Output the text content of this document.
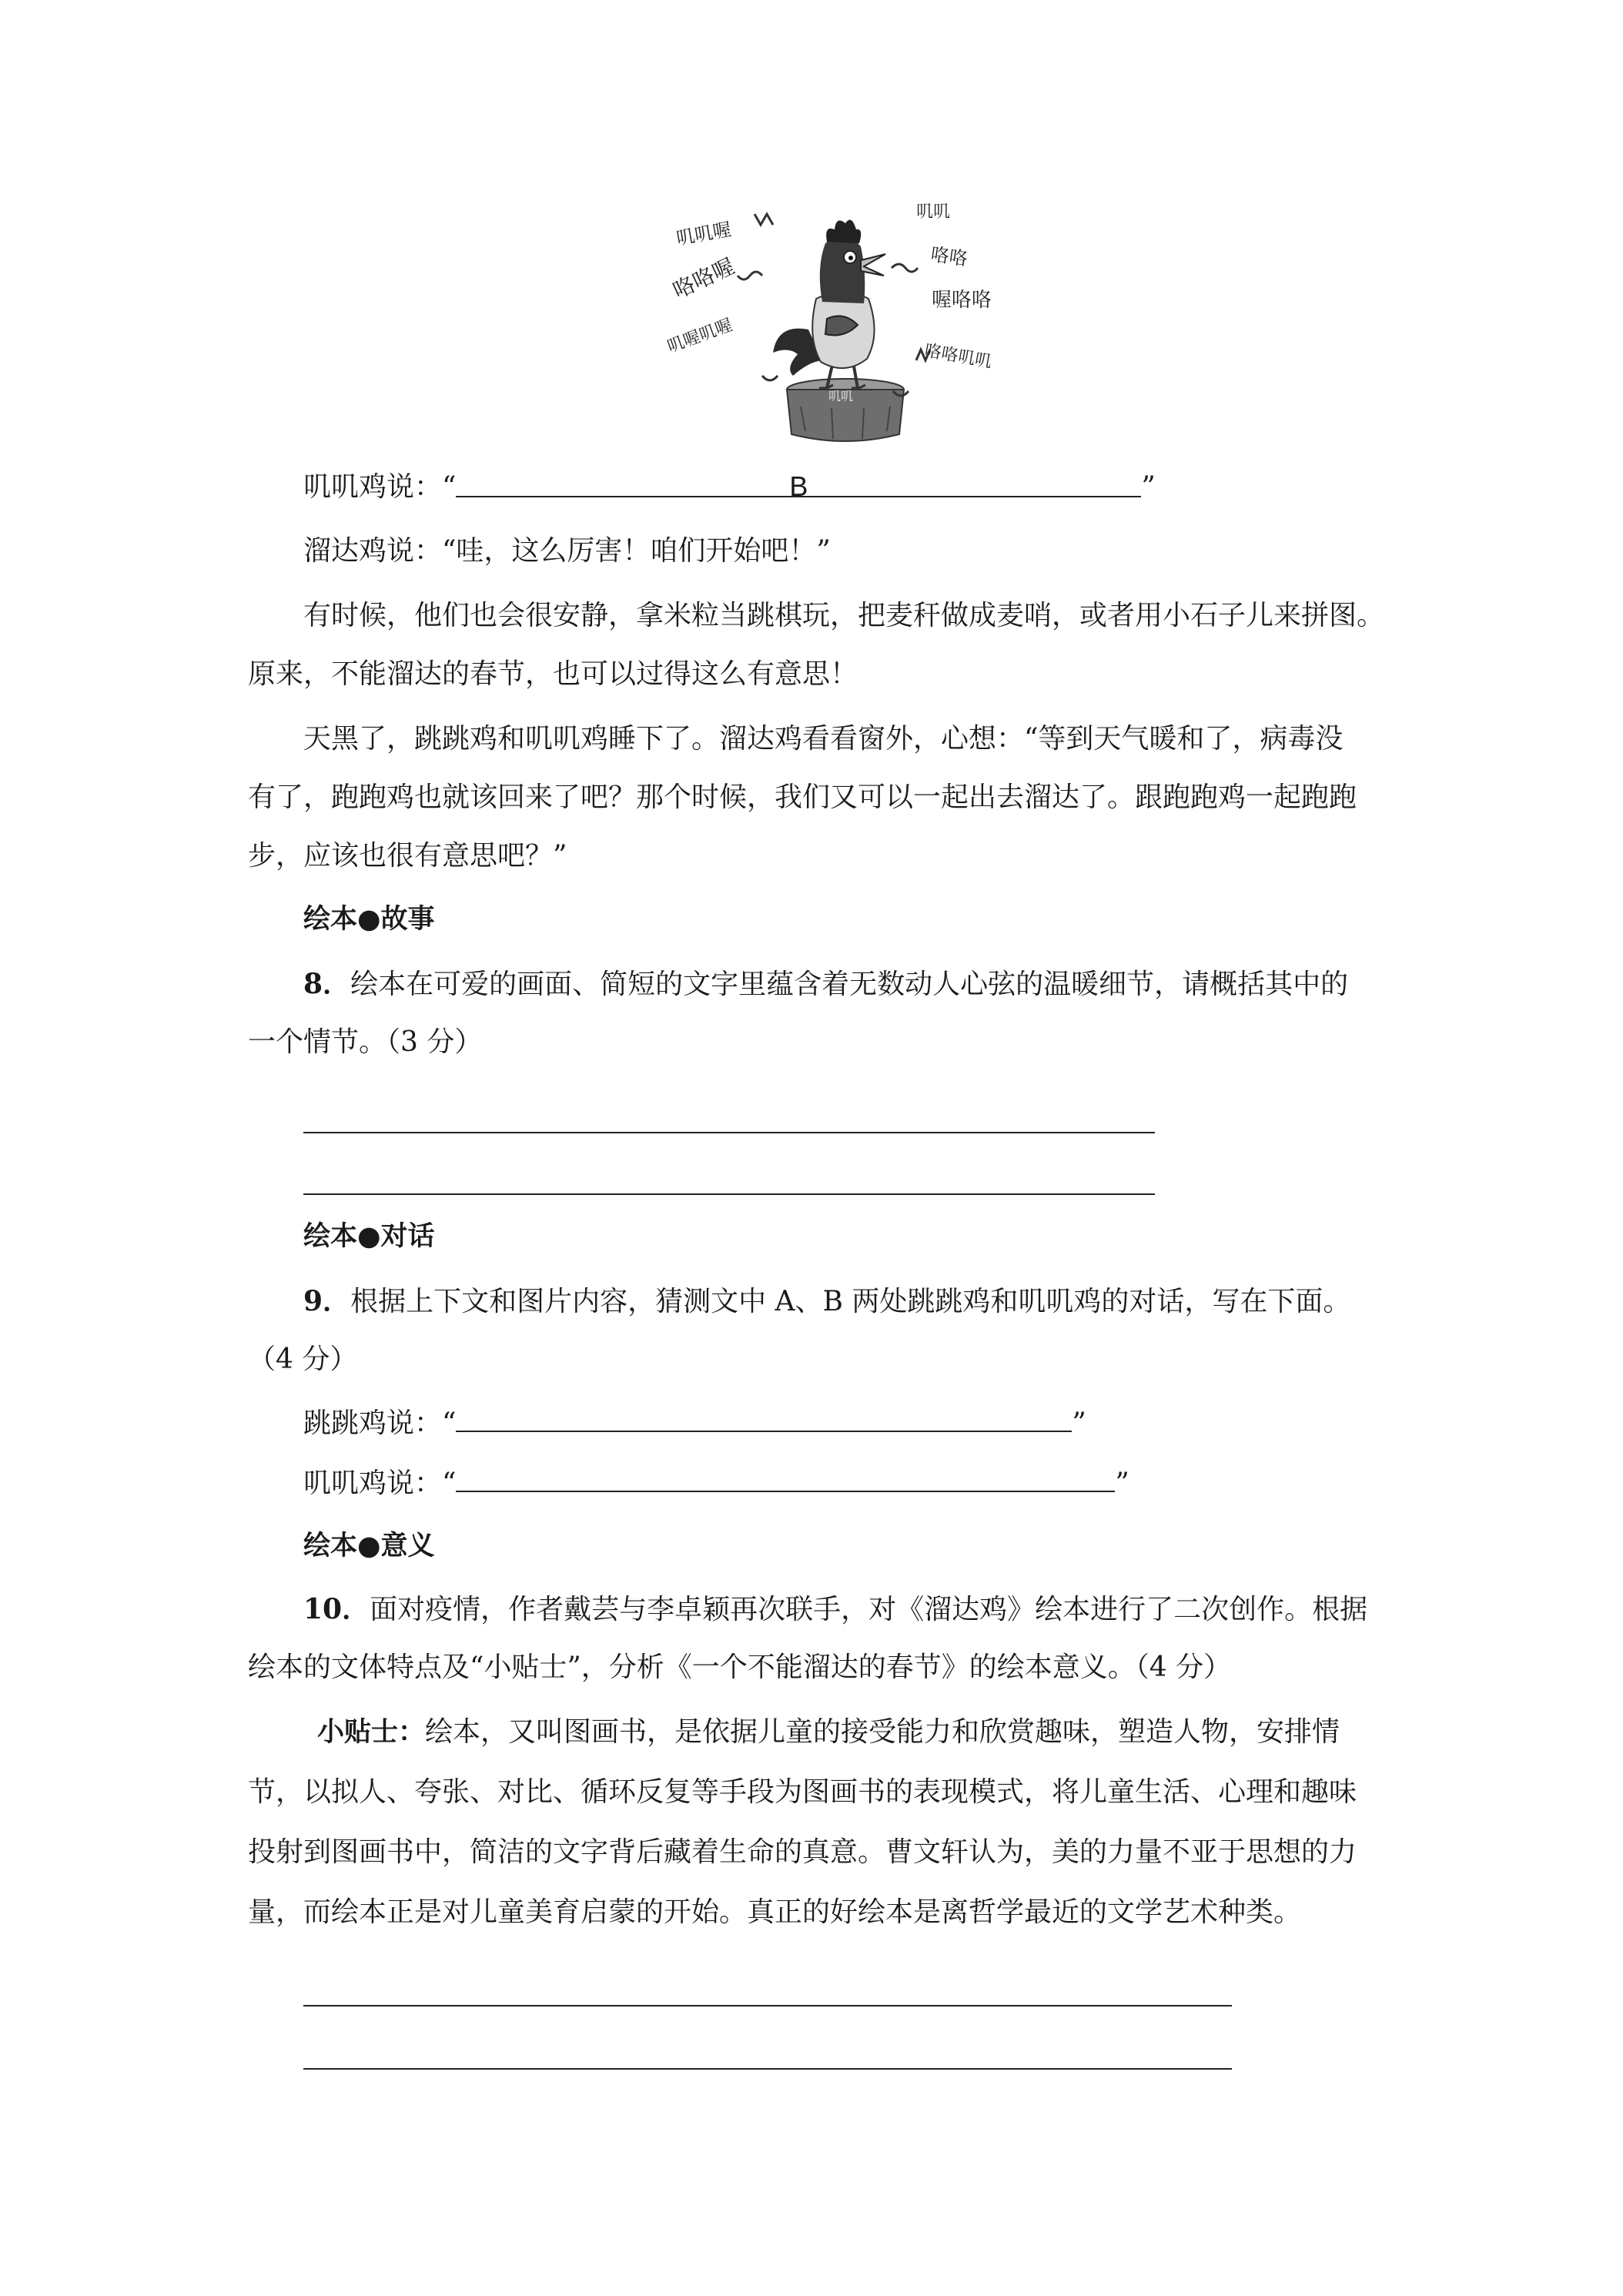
叽叽喔
咯咯喔
叽喔叽喔
叽叽
咯咯
喔咯咯
咯咯叽叽
叽叽
叽叽鸡说：“	B	”
溜达鸡说：“哇，这么厉害！咱们开始吧！”
有时候，他们也会很安静，拿米粒当跳棋玩，把麦秆做成麦哨，或者用小石子儿来拼图。
原来，不能溜达的春节，也可以过得这么有意思！
天黑了，跳跳鸡和叽叽鸡睡下了。溜达鸡看看窗外，心想：“等到天气暖和了，病毒没
有了，跑跑鸡也就该回来了吧？那个时候，我们又可以一起出去溜达了。跟跑跑鸡一起跑跑
步，应该也很有意思吧？”
绘本●故事
8．绘本在可爱的画面、简短的文字里蕴含着无数动人心弦的温暖细节，请概括其中的
一个情节。（3 分）
绘本●对话
9．根据上下文和图片内容，猜测文中 A、B 两处跳跳鸡和叽叽鸡的对话，写在下面。
（4 分）
跳跳鸡说：“	”
叽叽鸡说：“	”
绘本●意义
10．面对疫情，作者戴芸与李卓颖再次联手，对《溜达鸡》绘本进行了二次创作。根据
绘本的文体特点及“小贴士”，分析《一个不能溜达的春节》的绘本意义。（4 分）
小贴士：绘本，又叫图画书，是依据儿童的接受能力和欣赏趣味，塑造人物，安排情
节，以拟人、夸张、对比、循环反复等手段为图画书的表现模式，将儿童生活、心理和趣味
投射到图画书中，简洁的文字背后藏着生命的真意。曹文轩认为，美的力量不亚于思想的力
量，而绘本正是对儿童美育启蒙的开始。真正的好绘本是离哲学最近的文学艺术种类。
